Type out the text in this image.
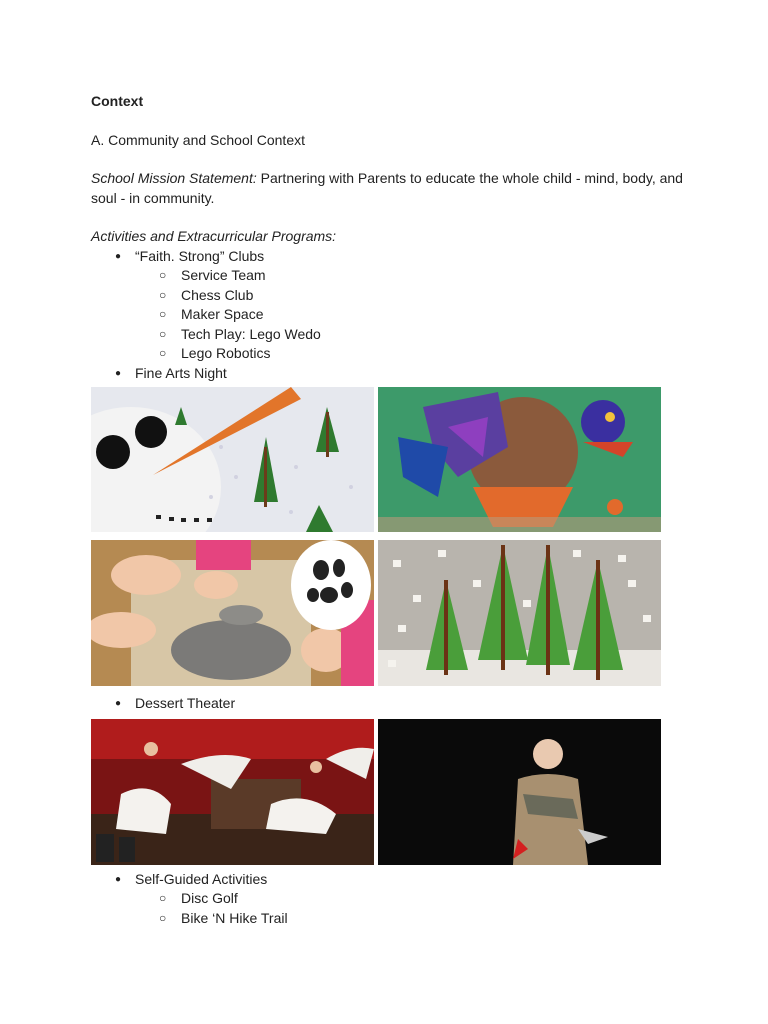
Context

A. Community and School Context

School Mission Statement: Partnering with Parents to educate the whole child - mind, body, and

soul - in community.

Activities and Extracurricular Programs:

● “Faith. Strong” Clubs
○ Service Team
○ Chess Club
○ Maker Space
○ Tech Play: Lego Wedo
○ Lego Robotics
● Fine Arts Night
● Dessert Theater
● Self-Guided Activities
○ Disc Golf
○ Bike ‘N Hike Trail
